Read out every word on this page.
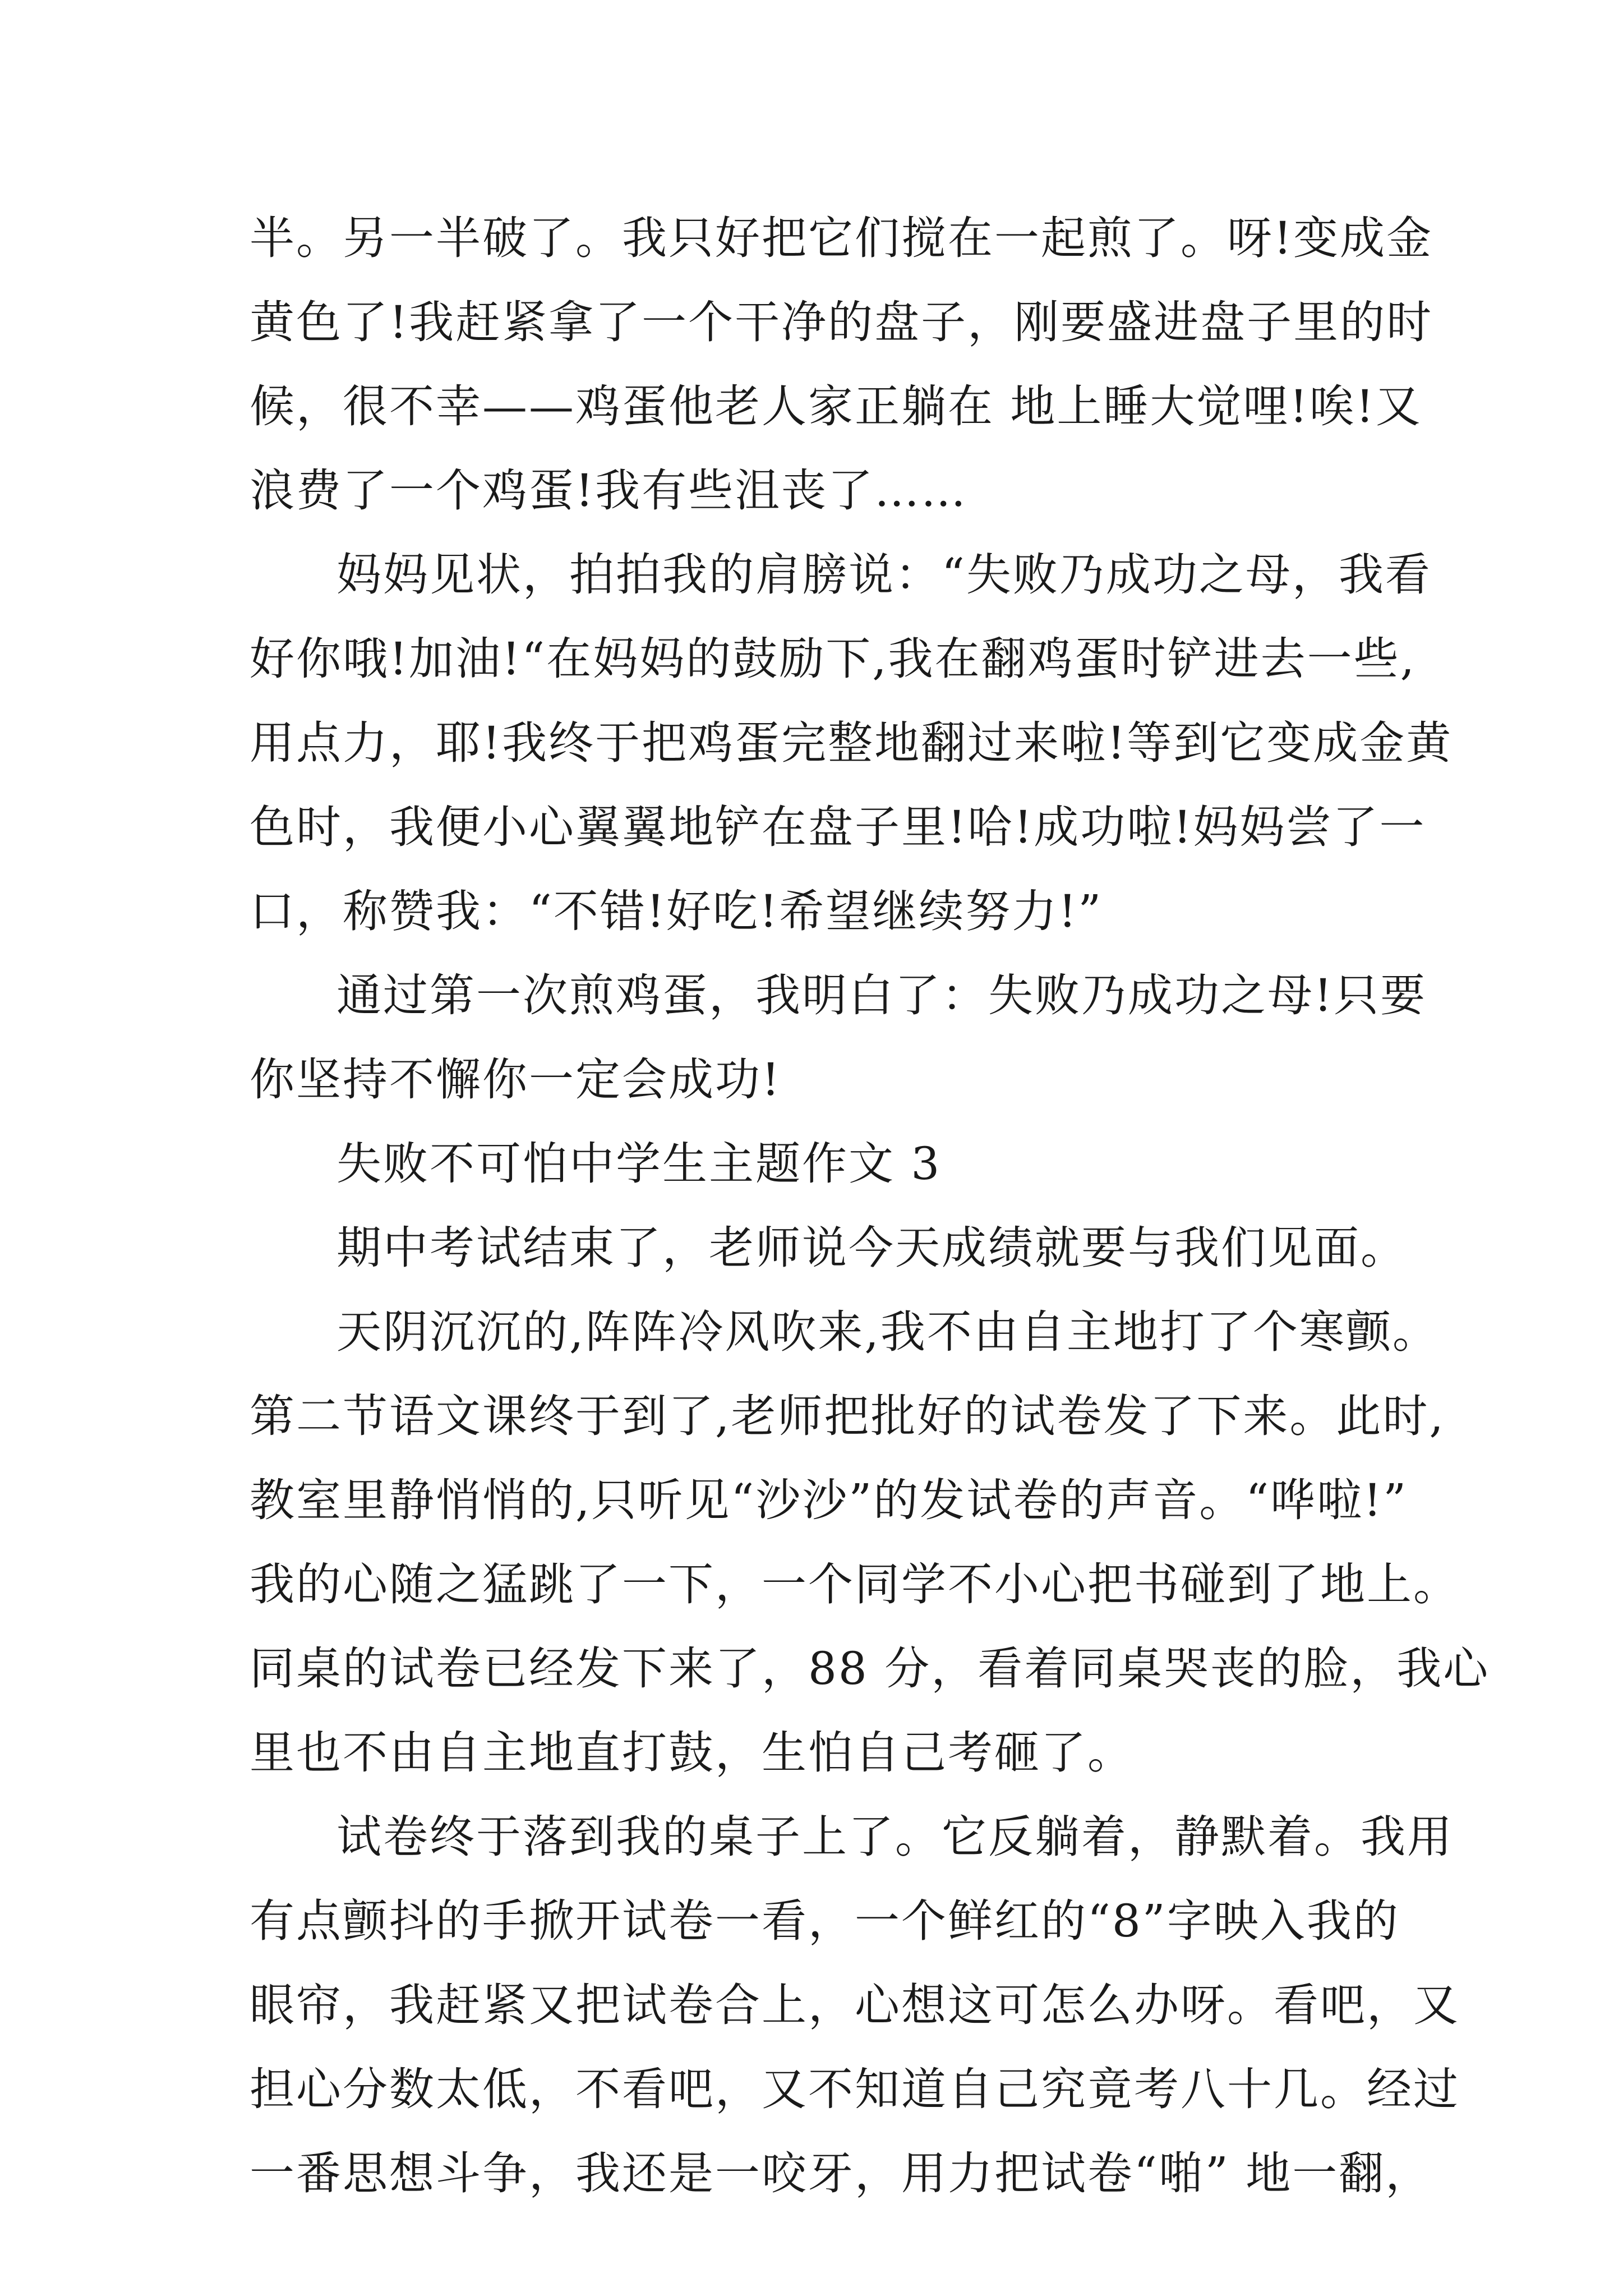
半。另一半破了。我只好把它们搅在一起煎了。呀!变成金
黄色了!我赶紧拿了一个干净的盘子，刚要盛进盘子里的时
候，很不幸——鸡蛋他老人家正躺在 地上睡大觉哩!唉!又
浪费了一个鸡蛋!我有些沮丧了……
妈妈见状，拍拍我的肩膀说：“失败乃成功之母，我看
好你哦!加油!“在妈妈的鼓励下,我在翻鸡蛋时铲进去一些,
用点力，耶!我终于把鸡蛋完整地翻过来啦!等到它变成金黄
色时，我便小心翼翼地铲在盘子里!哈!成功啦!妈妈尝了一
口，称赞我：“不错!好吃!希望继续努力!”
通过第一次煎鸡蛋，我明白了：失败乃成功之母!只要
你坚持不懈你一定会成功!
失败不可怕中学生主题作文 3
期中考试结束了，老师说今天成绩就要与我们见面。
天阴沉沉的,阵阵冷风吹来,我不由自主地打了个寒颤。
第二节语文课终于到了,老师把批好的试卷发了下来。此时,
教室里静悄悄的,只听见“沙沙”的发试卷的声音。“哗啦!”
我的心随之猛跳了一下，一个同学不小心把书碰到了地上。
同桌的试卷已经发下来了，88 分，看着同桌哭丧的脸，我心
里也不由自主地直打鼓，生怕自己考砸了。
试卷终于落到我的桌子上了。它反躺着，静默着。我用
有点颤抖的手掀开试卷一看，一个鲜红的“8”字映入我的
眼帘，我赶紧又把试卷合上，心想这可怎么办呀。看吧，又
担心分数太低，不看吧，又不知道自己究竟考八十几。经过
一番思想斗争，我还是一咬牙，用力把试卷“啪” 地一翻，
